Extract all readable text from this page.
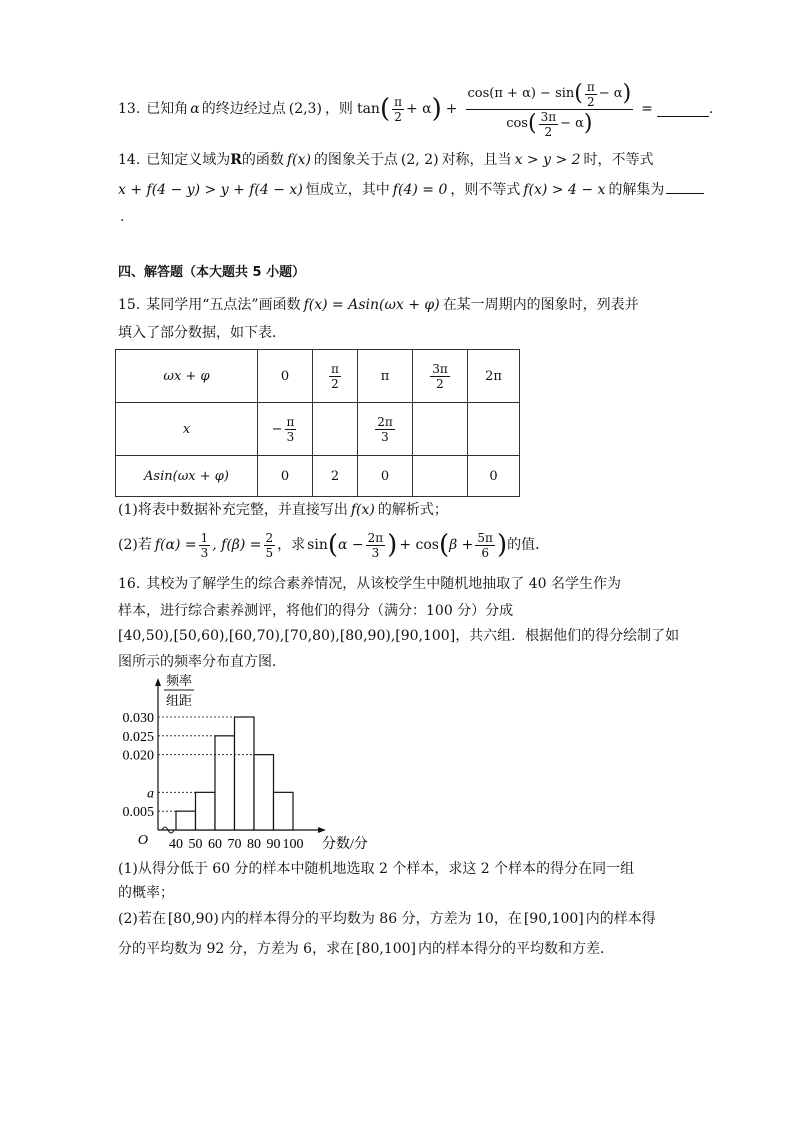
13. 已知角 α 的终边经过点 (2,3) ，则 tan ( $\frac{\pi}{2} + \alpha$ ) + $\frac{\cos(\pi + \alpha) - \sin ( \frac{\pi}{2} - \alpha )}{\cos ( \frac{3\pi}{2} - \alpha )}$ =	.
14. 已知定义域为R的函数 f(x) 的图象关于点 (2, 2) 对称，且当 x > y > 2 时，不等式
x + f(4 − y) > y + f(4 − x) 恒成立，其中 f(4) = 0 ，则不等式 f(x) > 4 − x 的解集为
.
四、解答题（本大题共 5 小题）
15. 某同学用“五点法”画函数 f(x) = Asin(ωx + φ) 在某一周期内的图象时，列表并
填入了部分数据，如下表．
ωx + φ	0	$\frac{\pi}{2}$	π	$\frac{3\pi}{2}$	2π
x	− $\frac{\pi}{3}$		$\frac{2\pi}{3}$

Asin(ωx + φ)	0	2	0		0
(1)将表中数据补充完整，并直接写出 f(x) 的解析式；
(2)若 $f(\alpha) = \frac{1}{3}$ , $f(\beta) = \frac{2}{5}$ ，求 sin ( $\alpha - \frac{2\pi}{3}$ ) + cos ( $\beta + \frac{5\pi}{6}$ ) 的值．
16. 其校为了解学生的综合素养情况，从该校学生中随机地抽取了 40 名学生作为
样本，进行综合素养测评，将他们的得分（满分：100 分）分成
[40,50),[50,60),[60,70),[70,80),[80,90),[90,100]，共六组．根据他们的得分绘制了如
图所示的频率分布直方图．
频率
组距
0.030
0.025
0.020
a
0.005
40 50 60 70 80 90 100
O	分数/分
(1)从得分低于 60 分的样本中随机地选取 2 个样本，求这 2 个样本的得分在同一组
的概率；
(2)若在 [80,90) 内的样本得分的平均数为 86 分，方差为 10，在 [90,100] 内的样本得
分的平均数为 92 分，方差为 6，求在 [80,100] 内的样本得分的平均数和方差．
